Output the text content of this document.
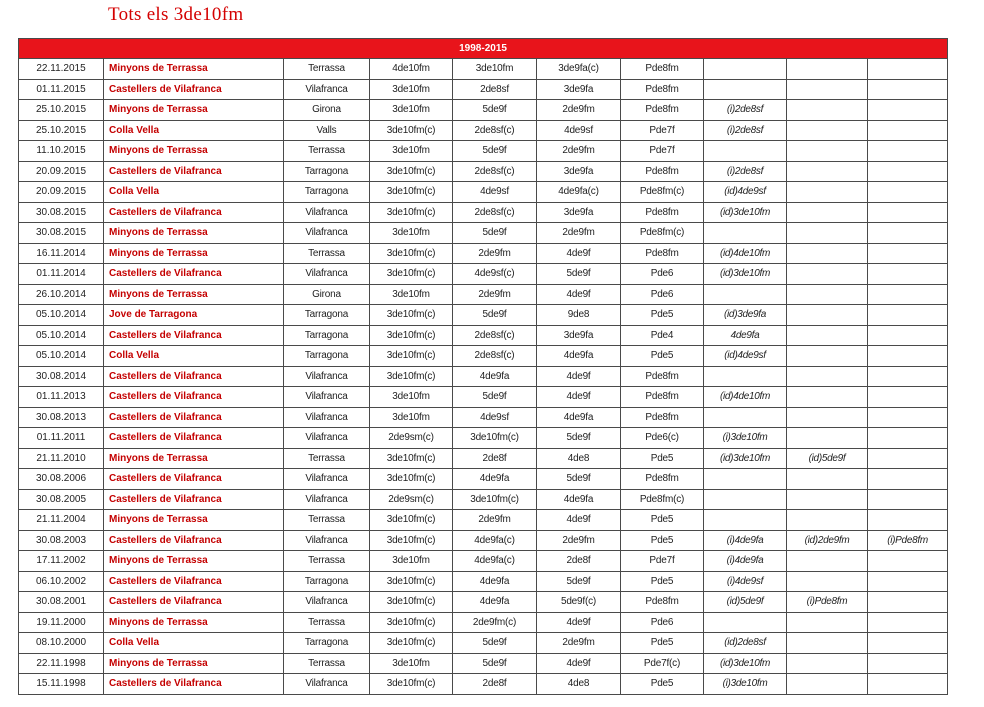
Tots els 3de10fm
1998-2015									
22.11.2015	Minyons de Terrassa	Terrassa	4de10fm	3de10fm	3de9fa(c)	Pde8fm			
01.11.2015	Castellers de Vilafranca	Vilafranca	3de10fm	2de8sf	3de9fa	Pde8fm			
25.10.2015	Minyons de Terrassa	Girona	3de10fm	5de9f	2de9fm	Pde8fm	(i)2de8sf		
25.10.2015	Colla Vella	Valls	3de10fm(c)	2de8sf(c)	4de9sf	Pde7f	(i)2de8sf		
11.10.2015	Minyons de Terrassa	Terrassa	3de10fm	5de9f	2de9fm	Pde7f			
20.09.2015	Castellers de Vilafranca	Tarragona	3de10fm(c)	2de8sf(c)	3de9fa	Pde8fm	(i)2de8sf		
20.09.2015	Colla Vella	Tarragona	3de10fm(c)	4de9sf	4de9fa(c)	Pde8fm(c)	(id)4de9sf		
30.08.2015	Castellers de Vilafranca	Vilafranca	3de10fm(c)	2de8sf(c)	3de9fa	Pde8fm	(id)3de10fm		
30.08.2015	Minyons de Terrassa	Vilafranca	3de10fm	5de9f	2de9fm	Pde8fm(c)			
16.11.2014	Minyons de Terrassa	Terrassa	3de10fm(c)	2de9fm	4de9f	Pde8fm	(id)4de10fm		
01.11.2014	Castellers de Vilafranca	Vilafranca	3de10fm(c)	4de9sf(c)	5de9f	Pde6	(id)3de10fm		
26.10.2014	Minyons de Terrassa	Girona	3de10fm	2de9fm	4de9f	Pde6			
05.10.2014	Jove de Tarragona	Tarragona	3de10fm(c)	5de9f	9de8	Pde5	(id)3de9fa		
05.10.2014	Castellers de Vilafranca	Tarragona	3de10fm(c)	2de8sf(c)	3de9fa	Pde4	4de9fa		
05.10.2014	Colla Vella	Tarragona	3de10fm(c)	2de8sf(c)	4de9fa	Pde5	(id)4de9sf		
30.08.2014	Castellers de Vilafranca	Vilafranca	3de10fm(c)	4de9fa	4de9f	Pde8fm			
01.11.2013	Castellers de Vilafranca	Vilafranca	3de10fm	5de9f	4de9f	Pde8fm	(id)4de10fm		
30.08.2013	Castellers de Vilafranca	Vilafranca	3de10fm	4de9sf	4de9fa	Pde8fm			
01.11.2011	Castellers de Vilafranca	Vilafranca	2de9sm(c)	3de10fm(c)	5de9f	Pde6(c)	(i)3de10fm		
21.11.2010	Minyons de Terrassa	Terrassa	3de10fm(c)	2de8f	4de8	Pde5	(id)3de10fm	(id)5de9f	
30.08.2006	Castellers de Vilafranca	Vilafranca	3de10fm(c)	4de9fa	5de9f	Pde8fm			
30.08.2005	Castellers de Vilafranca	Vilafranca	2de9sm(c)	3de10fm(c)	4de9fa	Pde8fm(c)			
21.11.2004	Minyons de Terrassa	Terrassa	3de10fm(c)	2de9fm	4de9f	Pde5			
30.08.2003	Castellers de Vilafranca	Vilafranca	3de10fm(c)	4de9fa(c)	2de9fm	Pde5	(i)4de9fa	(id)2de9fm	(i)Pde8fm
17.11.2002	Minyons de Terrassa	Terrassa	3de10fm	4de9fa(c)	2de8f	Pde7f	(i)4de9fa		
06.10.2002	Castellers de Vilafranca	Tarragona	3de10fm(c)	4de9fa	5de9f	Pde5	(i)4de9sf		
30.08.2001	Castellers de Vilafranca	Vilafranca	3de10fm(c)	4de9fa	5de9f(c)	Pde8fm	(id)5de9f	(i)Pde8fm	
19.11.2000	Minyons de Terrassa	Terrassa	3de10fm(c)	2de9fm(c)	4de9f	Pde6			
08.10.2000	Colla Vella	Tarragona	3de10fm(c)	5de9f	2de9fm	Pde5	(id)2de8sf		
22.11.1998	Minyons de Terrassa	Terrassa	3de10fm	5de9f	4de9f	Pde7f(c)	(id)3de10fm		
15.11.1998	Castellers de Vilafranca	Vilafranca	3de10fm(c)	2de8f	4de8	Pde5	(i)3de10fm		
